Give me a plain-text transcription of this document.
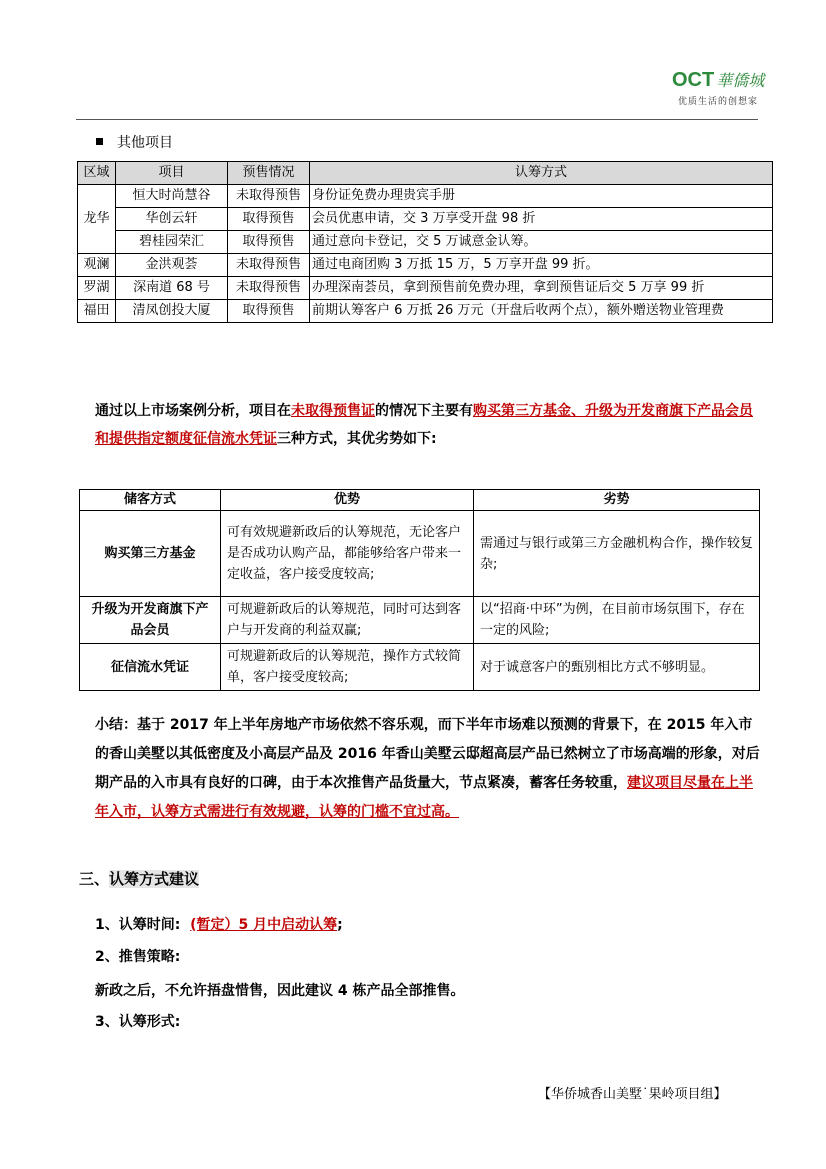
OCT 華僑城
优质生活的创想家
其他项目
区域	项目	预售情况	认筹方式
龙华	恒大时尚慧谷	未取得预售	身份证免费办理贵宾手册
	华创云轩	取得预售	会员优惠申请，交 3 万享受开盘 98 折
	碧桂园荣汇	取得预售	通过意向卡登记，交 5 万诚意金认筹。
观澜	金洪观荟	未取得预售	通过电商团购 3 万抵 15 万，5 万享开盘 99 折。
罗湖	深南道 68 号	未取得预售	办理深南荟员，拿到预售前免费办理，拿到预售证后交 5 万享 99 折
福田	清凤创投大厦	取得预售	前期认筹客户 6 万抵 26 万元（开盘后收两个点），额外赠送物业管理费
通过以上市场案例分析，项目在未取得预售证的情况下主要有购买第三方基金、升级为开发商旗下产品会员和提供指定额度征信流水凭证三种方式，其优劣势如下:
储客方式	优势	劣势
购买第三方基金	可有效规避新政后的认筹规范，无论客户是否成功认购产品，都能够给客户带来一定收益，客户接受度较高;	需通过与银行或第三方金融机构合作，操作较复杂;
升级为开发商旗下产品会员	可规避新政后的认筹规范，同时可达到客户与开发商的利益双赢;	以“招商·中环”为例，在目前市场氛围下，存在一定的风险;
征信流水凭证	可规避新政后的认筹规范，操作方式较简单，客户接受度较高;	对于诚意客户的甄别相比方式不够明显。
小结：基于 2017 年上半年房地产市场依然不容乐观，而下半年市场难以预测的背景下，在 2015 年入市的香山美墅以其低密度及小高层产品及 2016 年香山美墅云邸超高层产品已然树立了市场高端的形象，对后期产品的入市具有良好的口碑，由于本次推售产品货量大，节点紧凑，蓄客任务较重，建议项目尽量在上半年入市，认筹方式需进行有效规避，认筹的门槛不宜过高。
三、认筹方式建议
1、认筹时间: (暂定）5 月中启动认筹;
2、推售策略:
新政之后，不允许捂盘惜售，因此建议 4 栋产品全部推售。
3、认筹形式:
【华侨城香山美墅˙果岭项目组】
